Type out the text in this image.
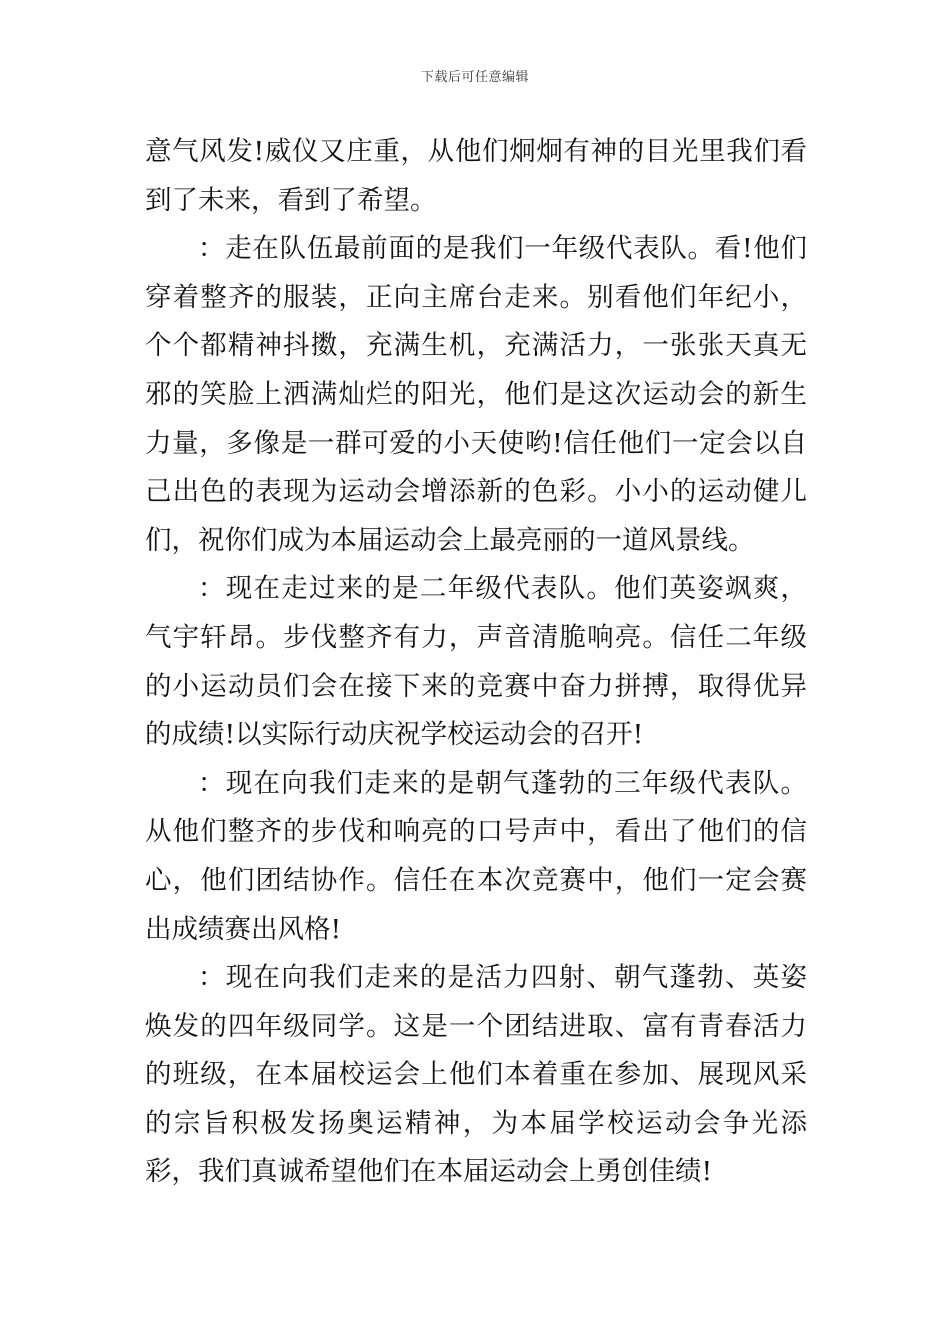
下载后可任意编辑

意气风发!威仪又庄重，从他们炯炯有神的目光里我们看到了未来，看到了希望。

：走在队伍最前面的是我们一年级代表队。看!他们穿着整齐的服装，正向主席台走来。别看他们年纪小，个个都精神抖擞，充满生机，充满活力，一张张天真无邪的笑脸上洒满灿烂的阳光，他们是这次运动会的新生力量，多像是一群可爱的小天使哟!信任他们一定会以自己出色的表现为运动会增添新的色彩。小小的运动健儿们，祝你们成为本届运动会上最亮丽的一道风景线。

：现在走过来的是二年级代表队。他们英姿飒爽，气宇轩昂。步伐整齐有力，声音清脆响亮。信任二年级的小运动员们会在接下来的竞赛中奋力拼搏，取得优异的成绩!以实际行动庆祝学校运动会的召开!

：现在向我们走来的是朝气蓬勃的三年级代表队。从他们整齐的步伐和响亮的口号声中，看出了他们的信心，他们团结协作。信任在本次竞赛中，他们一定会赛出成绩赛出风格!

：现在向我们走来的是活力四射、朝气蓬勃、英姿焕发的四年级同学。这是一个团结进取、富有青春活力的班级，在本届校运会上他们本着重在参加、展现风采的宗旨积极发扬奥运精神，为本届学校运动会争光添彩，我们真诚希望他们在本届运动会上勇创佳绩!
